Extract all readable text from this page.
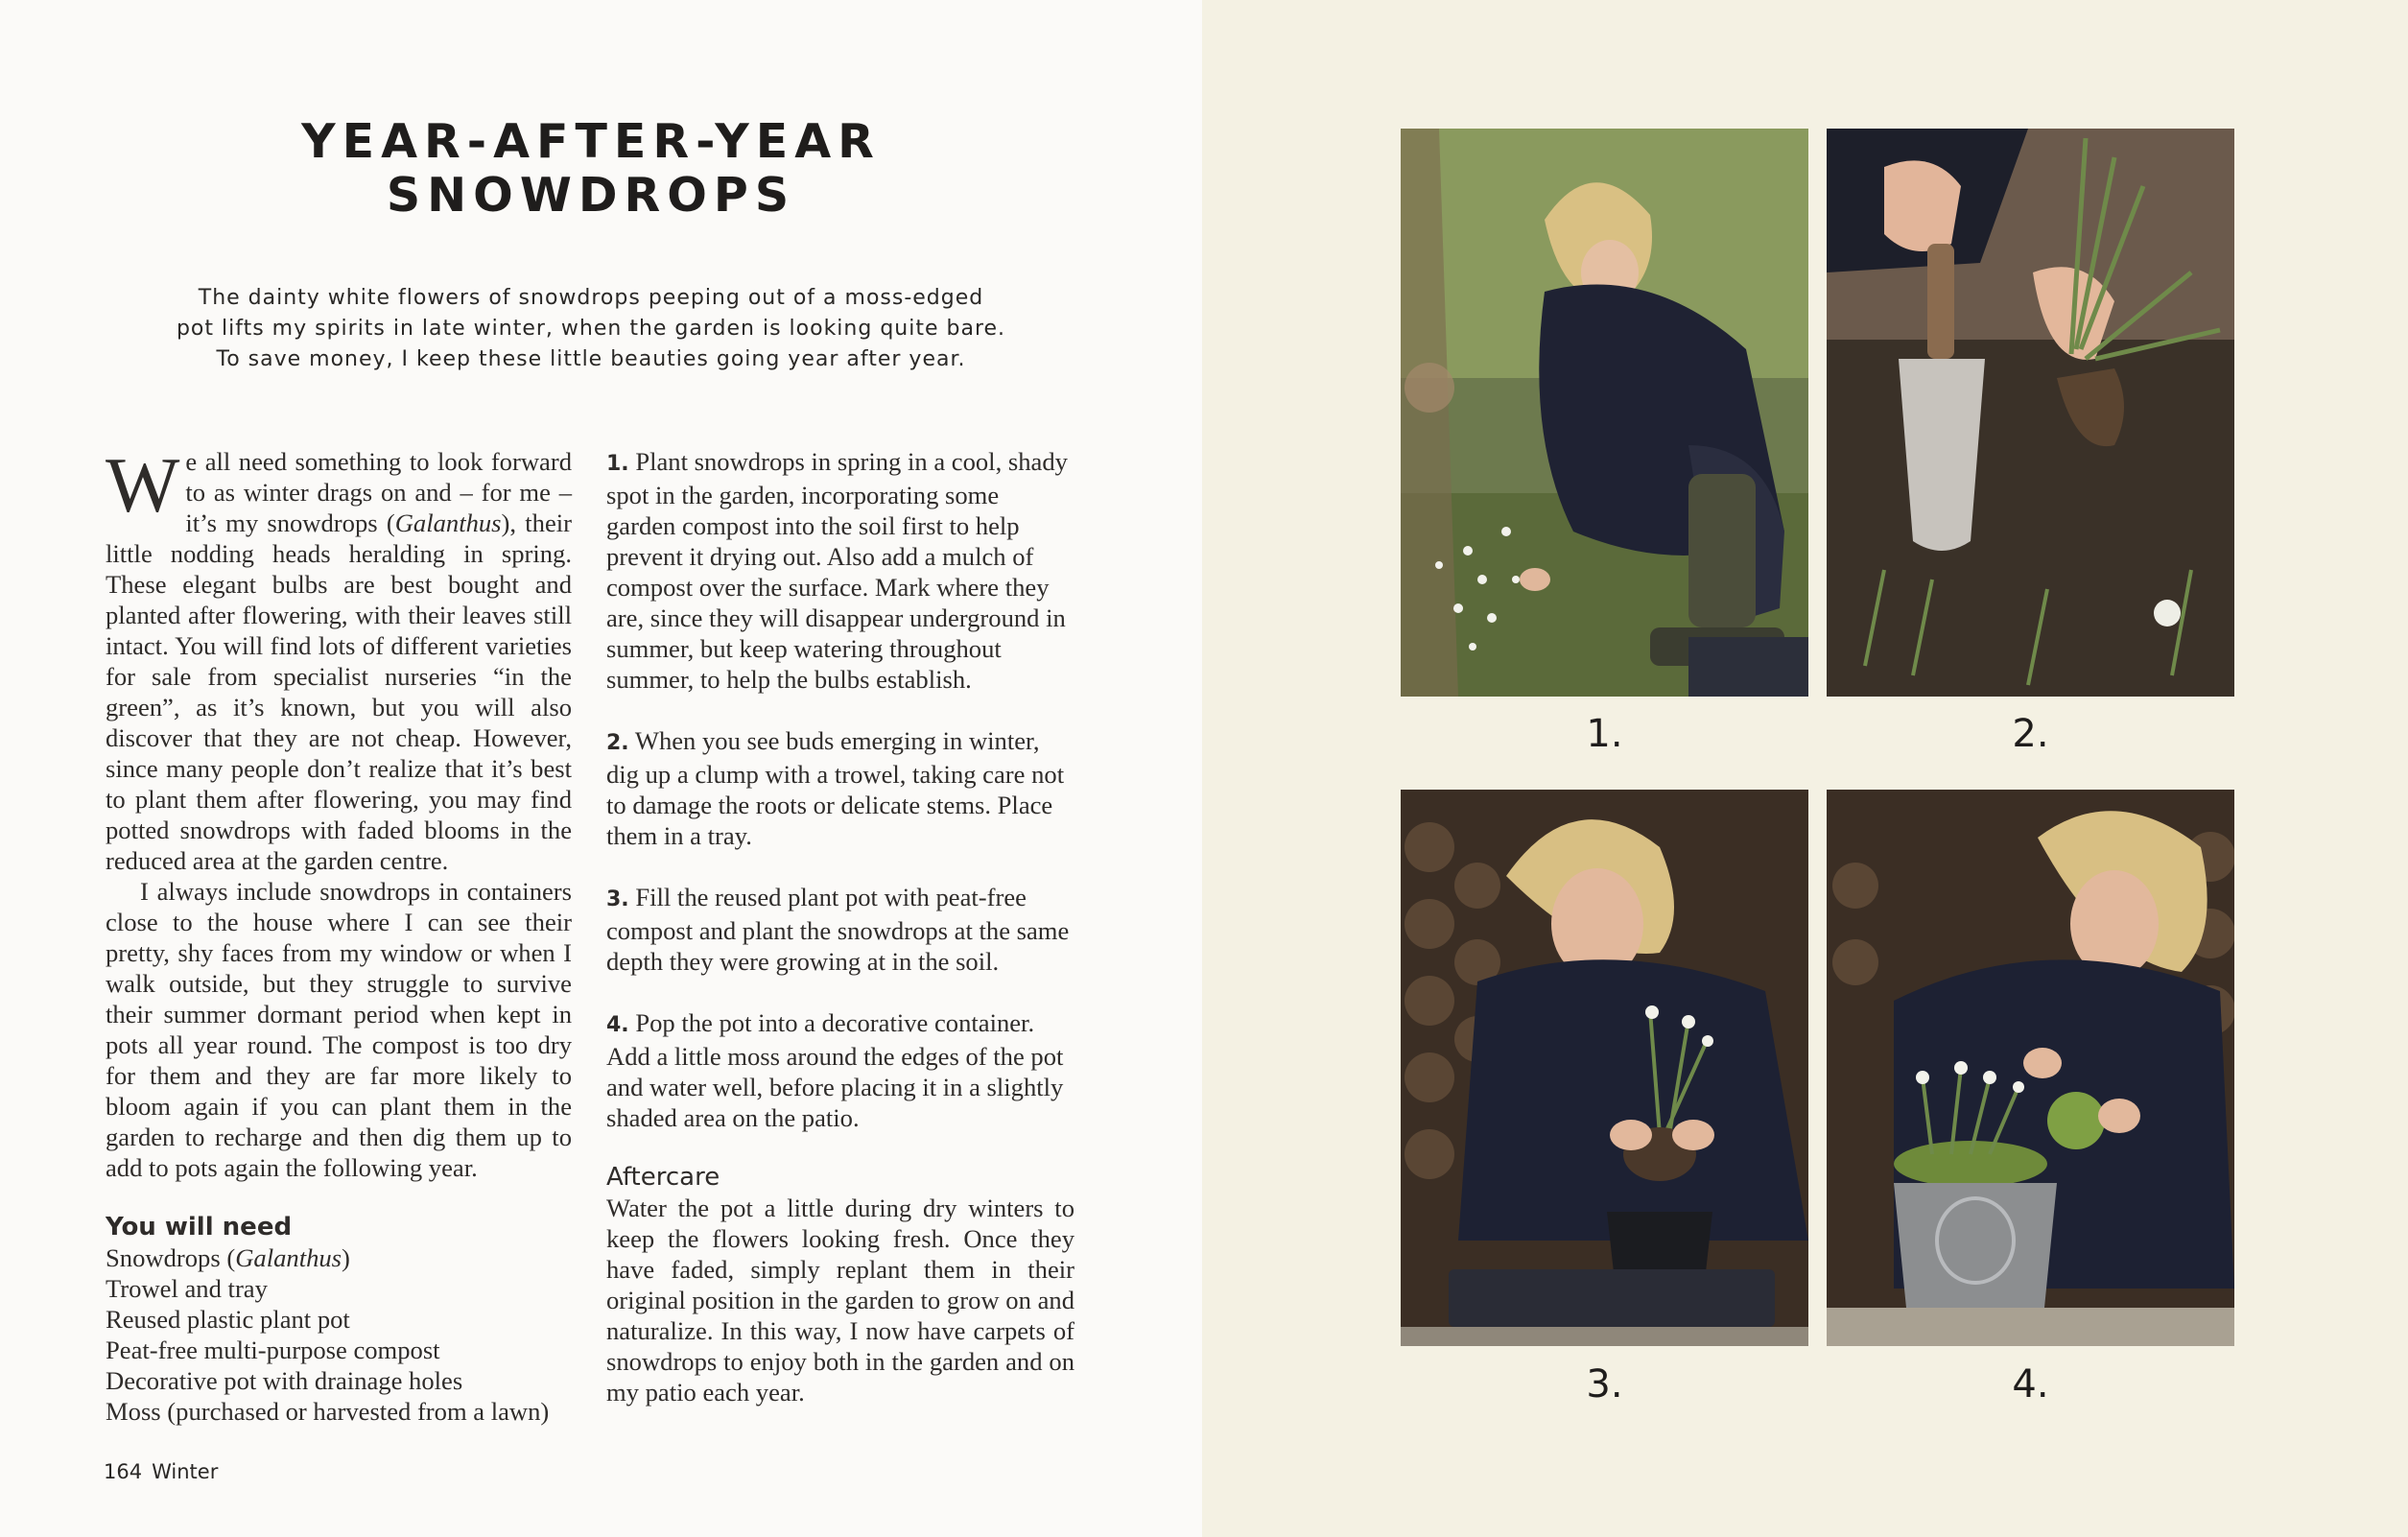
YEAR-AFTER-YEAR
SNOWDROPS
The dainty white flowers of snowdrops peeping out of a moss-edged
pot lifts my spirits in late winter, when the garden is looking quite bare.
To save money, I keep these little beauties going year after year.

We all need something to look forward to as winter drags on and – for me – it’s my snowdrops (Galanthus), their little nodding heads heralding in spring. These elegant bulbs are best bought and planted after flowering, with their leaves still intact. You will find lots of different varieties for sale from specialist nurseries “in the green”, as it’s known, but you will also discover that they are not cheap. However, since many people don’t realize that it’s best to plant them after flowering, you may find potted snowdrops with faded blooms in the reduced area at the garden centre.

I always include snowdrops in containers close to the house where I can see their pretty, shy faces from my window or when I walk outside, but they struggle to survive their summer dormant period when kept in pots all year round. The compost is too dry for them and they are far more likely to bloom again if you can plant them in the garden to recharge and then dig them up to add to pots again the following year.

You will need

Snowdrops (Galanthus)
Trowel and tray
Reused plastic plant pot
Peat-free multi-purpose compost
Decorative pot with drainage holes
Moss (purchased or harvested from a lawn)

1. Plant snowdrops in spring in a cool, shady spot in the garden, incorporating some garden compost into the soil first to help prevent it drying out. Also add a mulch of compost over the surface. Mark where they are, since they will disappear underground in summer, but keep watering throughout summer, to help the bulbs establish.

2. When you see buds emerging in winter, dig up a clump with a trowel, taking care not to damage the roots or delicate stems. Place them in a tray.

3. Fill the reused plant pot with peat-free compost and plant the snowdrops at the same depth they were growing at in the soil.

4. Pop the pot into a decorative container. Add a little moss around the edges of the pot and water well, before placing it in a slightly shaded area on the patio.

Aftercare

Water the pot a little during dry winters to keep the flowers looking fresh. Once they have faded, simply replant them in their original position in the garden to grow on and naturalize. In this way, I now have carpets of snowdrops to enjoy both in the garden and on my patio each year.

164 Winter
1.	2.
3.	4.
